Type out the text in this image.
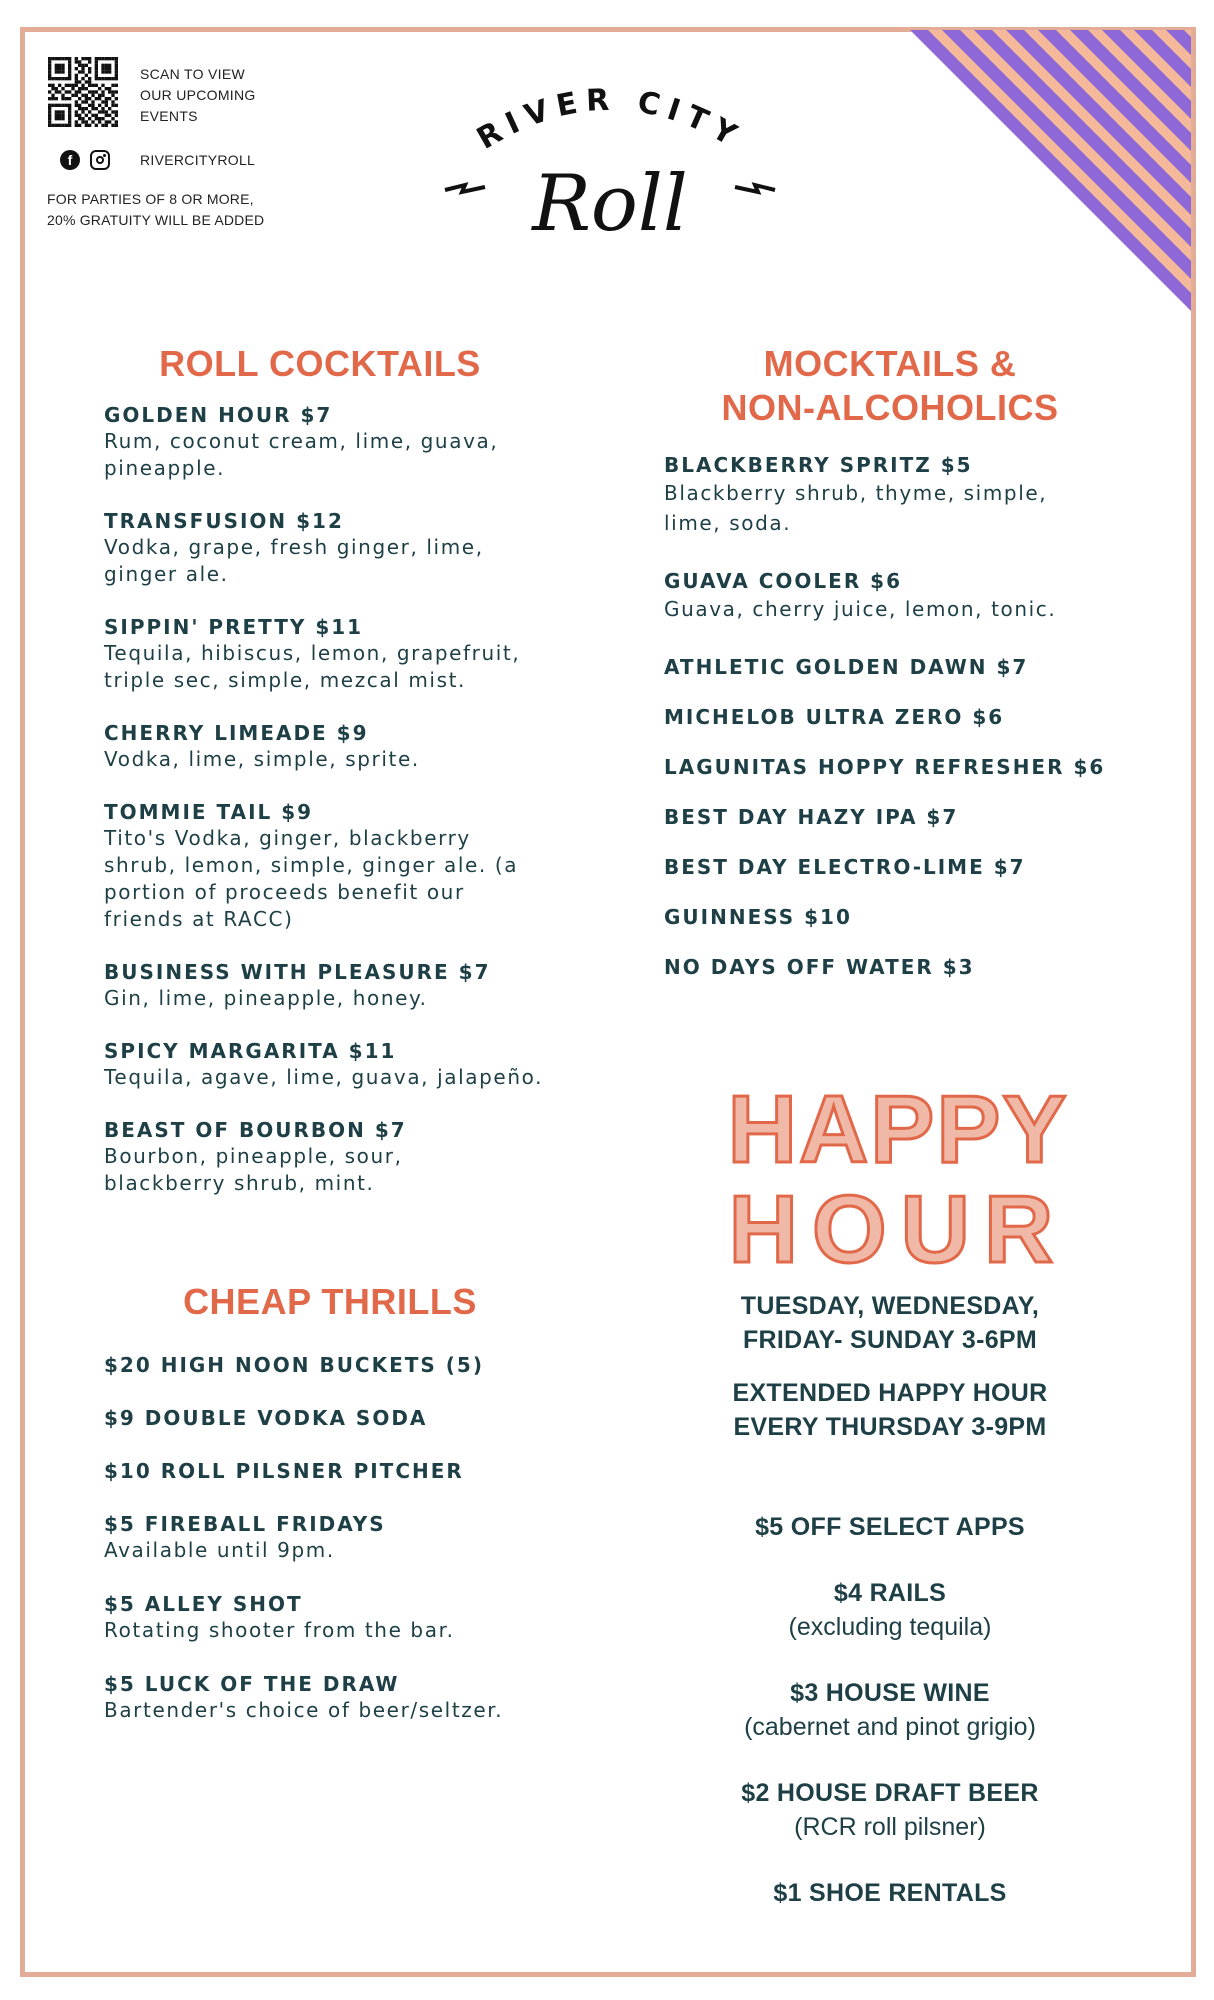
SCAN TO VIEW
OUR UPCOMING
EVENTS
f	RIVERCITYROLL
FOR PARTIES OF 8 OR MORE,
20% GRATUITY WILL BE ADDED
RIVER CITY
Roll
ROLL COCKTAILS
GOLDEN HOUR $7
Rum, coconut cream, lime, guava,
pineapple.
TRANSFUSION $12
Vodka, grape, fresh ginger, lime,
ginger ale.
SIPPIN' PRETTY $11
Tequila, hibiscus, lemon, grapefruit,
triple sec, simple, mezcal mist.
CHERRY LIMEADE $9
Vodka, lime, simple, sprite.
TOMMIE TAIL $9
Tito's Vodka, ginger, blackberry
shrub, lemon, simple, ginger ale. (a
portion of proceeds benefit our
friends at RACC)
BUSINESS WITH PLEASURE $7
Gin, lime, pineapple, honey.
SPICY MARGARITA $11
Tequila, agave, lime, guava, jalapeño.
BEAST OF BOURBON $7
Bourbon, pineapple, sour,
blackberry shrub, mint.
CHEAP THRILLS
$20 HIGH NOON BUCKETS (5)
$9 DOUBLE VODKA SODA
$10 ROLL PILSNER PITCHER
$5 FIREBALL FRIDAYS
Available until 9pm.
$5 ALLEY SHOT
Rotating shooter from the bar.
$5 LUCK OF THE DRAW
Bartender's choice of beer/seltzer.
MOCKTAILS &
NON-ALCOHOLICS
BLACKBERRY SPRITZ $5
Blackberry shrub, thyme, simple,
lime, soda.
GUAVA COOLER $6
Guava, cherry juice, lemon, tonic.
ATHLETIC GOLDEN DAWN $7
MICHELOB ULTRA ZERO $6
LAGUNITAS HOPPY REFRESHER $6
BEST DAY HAZY IPA $7
BEST DAY ELECTRO-LIME $7
GUINNESS $10
NO DAYS OFF WATER $3
HAPPY
HOUR
TUESDAY, WEDNESDAY,
FRIDAY- SUNDAY 3-6PM
EXTENDED HAPPY HOUR
EVERY THURSDAY 3-9PM
$5 OFF SELECT APPS
$4 RAILS
(excluding tequila)
$3 HOUSE WINE
(cabernet and pinot grigio)
$2 HOUSE DRAFT BEER
(RCR roll pilsner)
$1 SHOE RENTALS
